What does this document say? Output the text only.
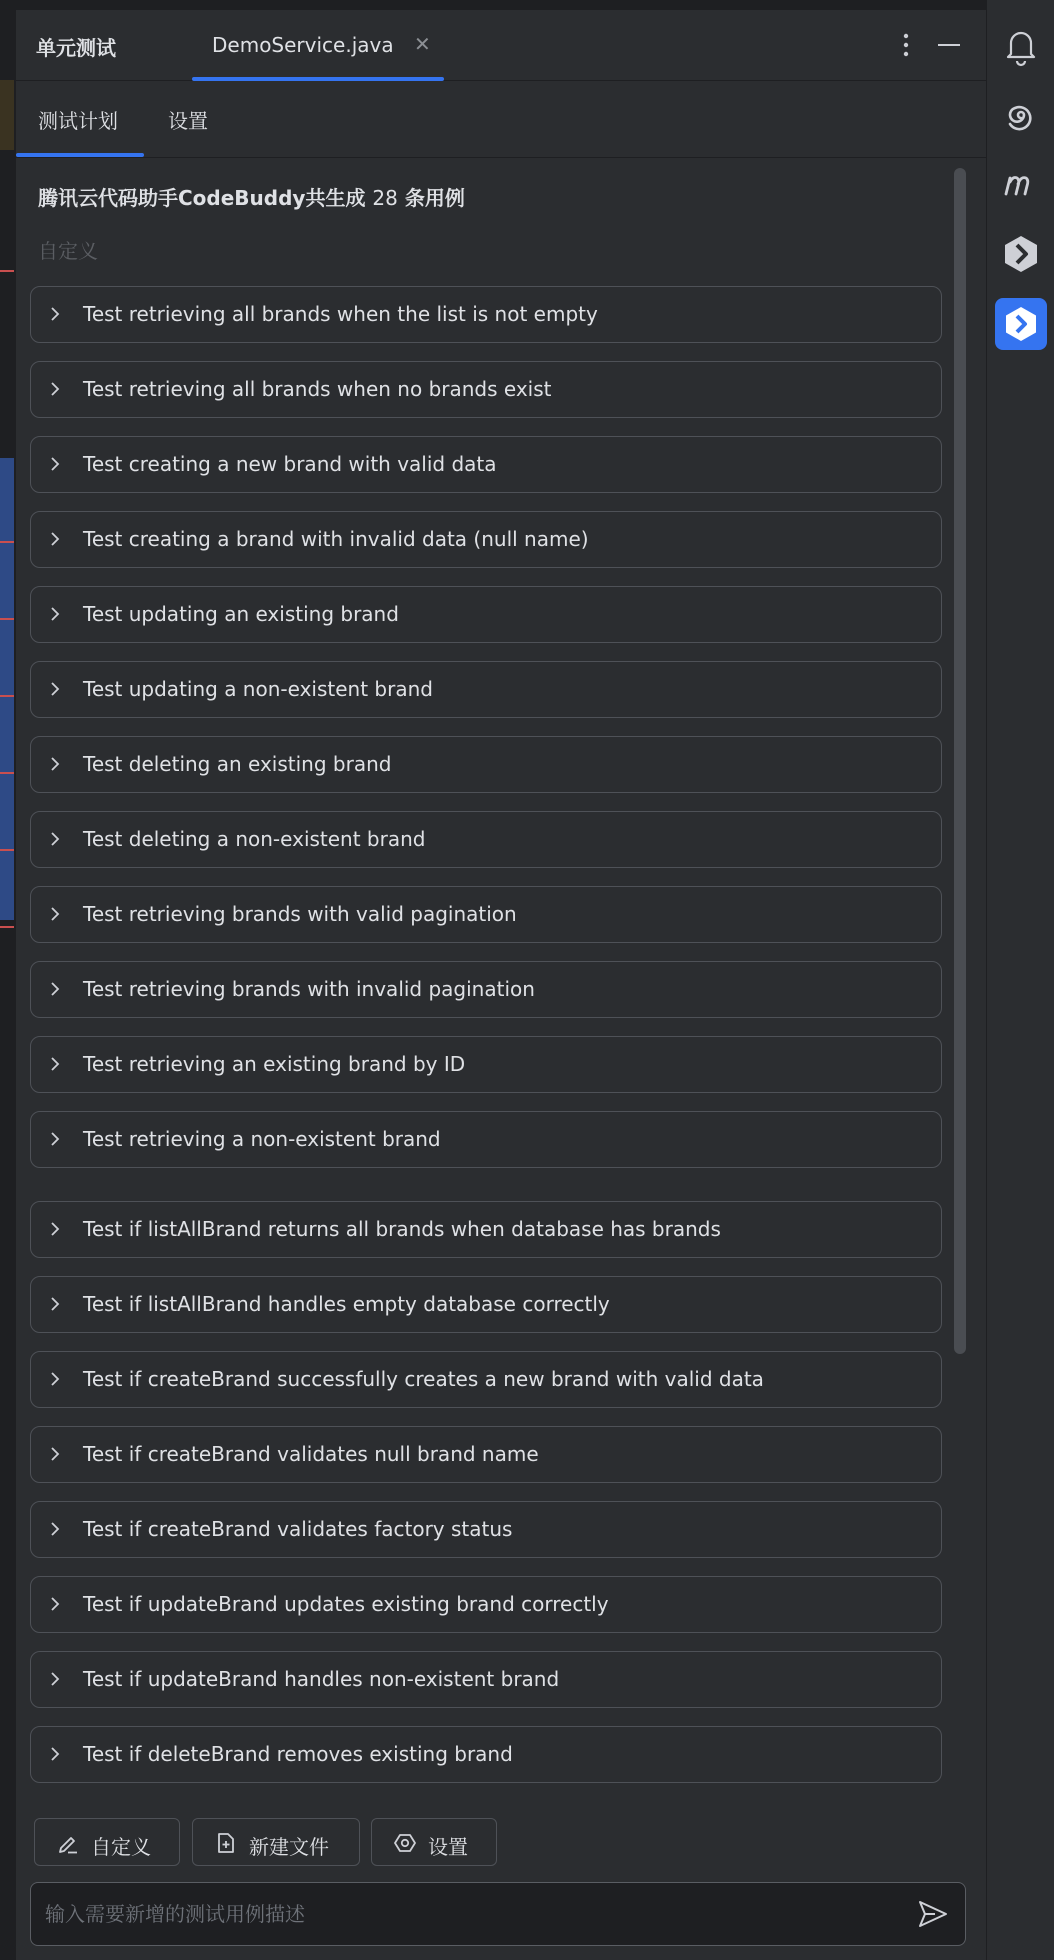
单元测试	DemoService.java ✕
测试计划	设置
腾讯云代码助手CodeBuddy共生成 28 条用例
自定义
Test retrieving all brands when the list is not empty
Test retrieving all brands when no brands exist
Test creating a new brand with valid data
Test creating a brand with invalid data (null name)
Test updating an existing brand
Test updating a non-existent brand
Test deleting an existing brand
Test deleting a non-existent brand
Test retrieving brands with valid pagination
Test retrieving brands with invalid pagination
Test retrieving an existing brand by ID
Test retrieving a non-existent brand
Test if listAllBrand returns all brands when database has brands
Test if listAllBrand handles empty database correctly
Test if createBrand successfully creates a new brand with valid data
Test if createBrand validates null brand name
Test if createBrand validates factory status
Test if updateBrand updates existing brand correctly
Test if updateBrand handles non-existent brand
Test if deleteBrand removes existing brand
自定义	新建文件	设置
输入需要新增的测试用例描述
